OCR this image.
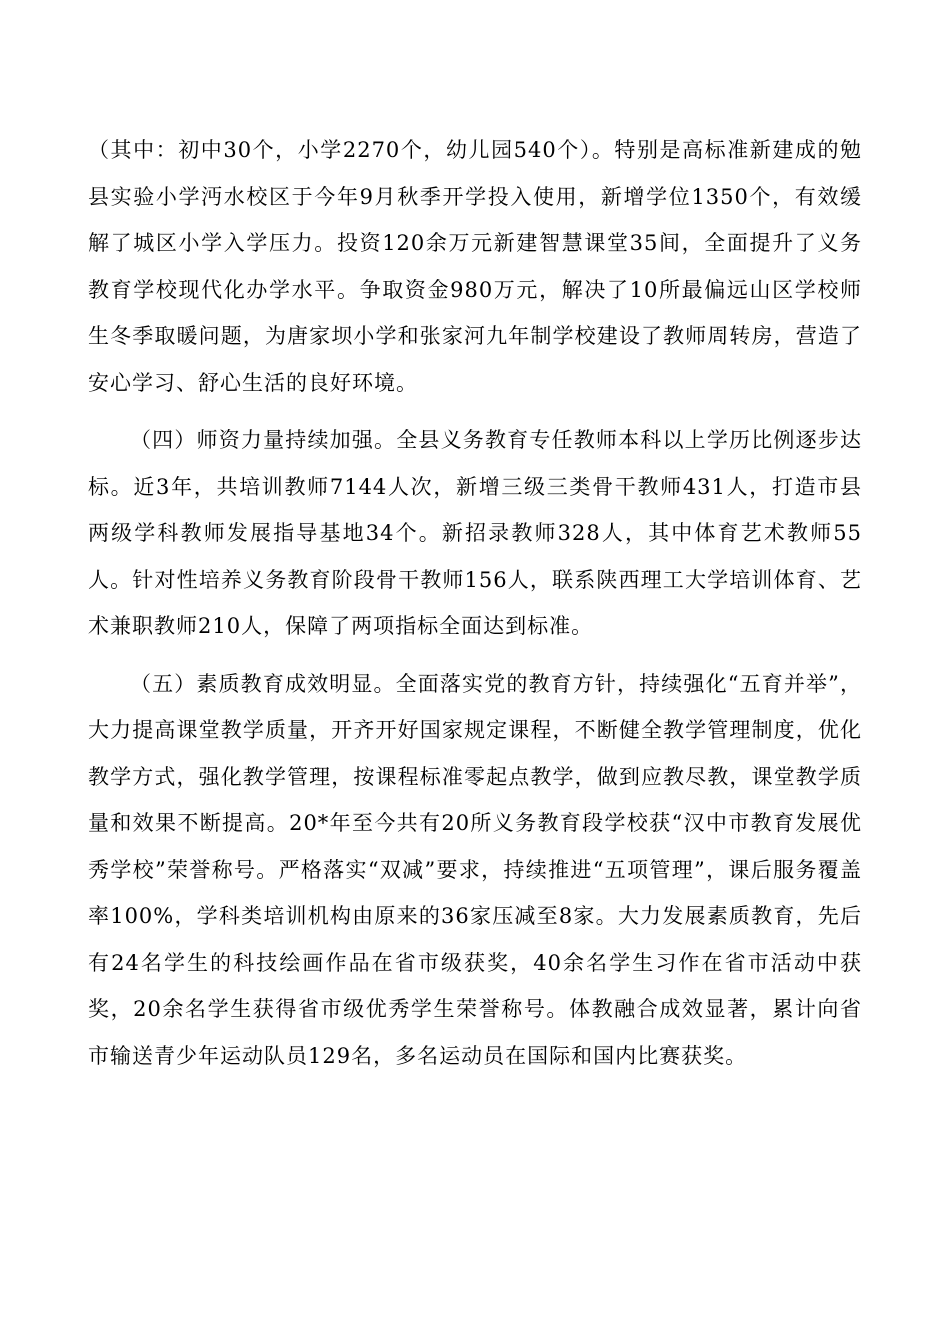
（其中：初中30个，小学2270个，幼儿园540个）。特别是高标准新建成的勉县实验小学沔水校区于今年9月秋季开学投入使用，新增学位1350个，有效缓解了城区小学入学压力。投资120余万元新建智慧课堂35间，全面提升了义务教育学校现代化办学水平。争取资金980万元，解决了10所最偏远山区学校师生冬季取暖问题，为唐家坝小学和张家河九年制学校建设了教师周转房，营造了安心学习、舒心生活的良好环境。

（四）师资力量持续加强。全县义务教育专任教师本科以上学历比例逐步达标。近3年，共培训教师7144人次，新增三级三类骨干教师431人，打造市县两级学科教师发展指导基地34个。新招录教师328人，其中体育艺术教师55人。针对性培养义务教育阶段骨干教师156人，联系陕西理工大学培训体育、艺术兼职教师210人，保障了两项指标全面达到标准。

（五）素质教育成效明显。全面落实党的教育方针，持续强化“五育并举”，大力提高课堂教学质量，开齐开好国家规定课程，不断健全教学管理制度，优化教学方式，强化教学管理，按课程标准零起点教学，做到应教尽教，课堂教学质量和效果不断提高。20*年至今共有20所义务教育段学校获“汉中市教育发展优秀学校”荣誉称号。严格落实“双减”要求，持续推进“五项管理”，课后服务覆盖率100%，学科类培训机构由原来的36家压减至8家。大力发展素质教育，先后有24名学生的科技绘画作品在省市级获奖，40余名学生习作在省市活动中获奖，20余名学生获得省市级优秀学生荣誉称号。体教融合成效显著，累计向省市输送青少年运动队员129名，多名运动员在国际和国内比赛获奖。
